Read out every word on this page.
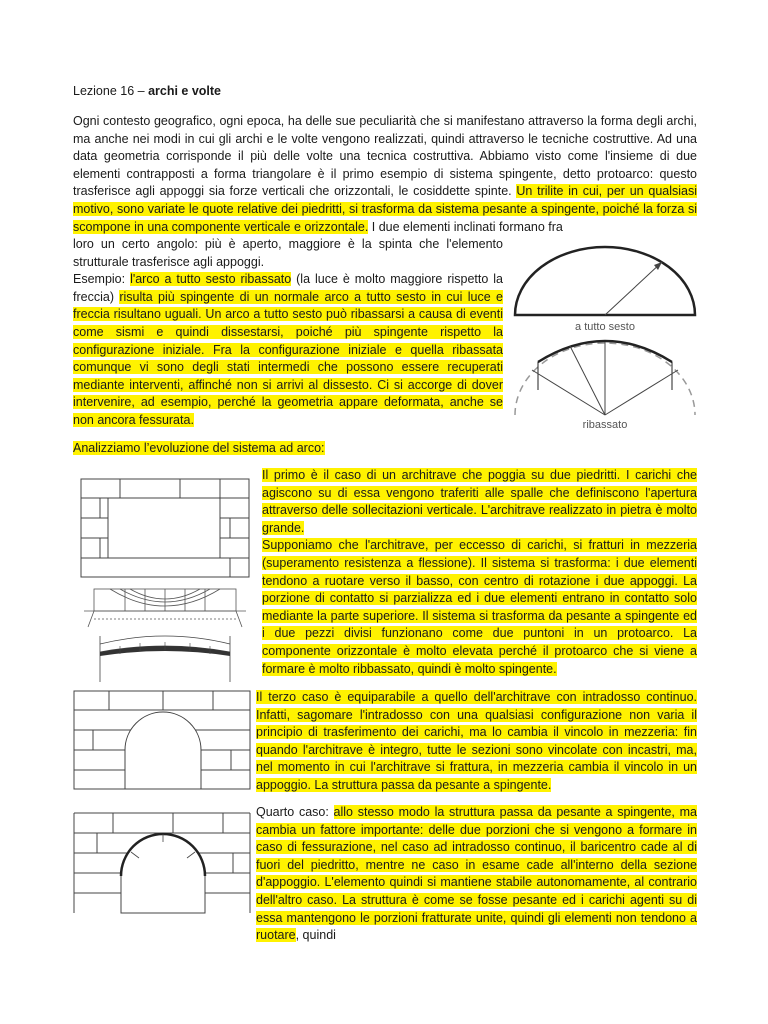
Lezione 16 – archi e volte

Ogni contesto geografico, ogni epoca, ha delle sue peculiarità che si manifestano attraverso la forma degli archi, ma anche nei modi in cui gli archi e le volte vengono realizzati, quindi attraverso le tecniche costruttive. Ad una data geometria corrisponde il più delle volte una tecnica costruttiva. Abbiamo visto come l'insieme di due elementi contrapposti a forma triangolare è il primo esempio di sistema spingente, detto protoarco: questo trasferisce agli appoggi sia forze verticali che orizzontali, le cosiddette spinte. Un trilite in cui, per un qualsiasi motivo, sono variate le quote relative dei piedritti, si trasforma da sistema pesante a spingente, poiché la forza si scompone in una componente verticale e orizzontale. I due elementi inclinati formano fra

loro un certo angolo: più è aperto, maggiore è la spinta che l'elemento strutturale trasferisce agli appoggi.
Esempio: l'arco a tutto sesto ribassato (la luce è molto maggiore rispetto la freccia) risulta più spingente di un normale arco a tutto sesto in cui luce e freccia risultano uguali. Un arco a tutto sesto può ribassarsi a causa di eventi come sismi e quindi dissestarsi, poiché più spingente rispetto la configurazione iniziale. Fra la configurazione iniziale e quella ribassata comunque vi sono degli stati intermedi che possono essere recuperati mediante interventi, affinché non si arrivi al dissesto. Ci si accorge di dover intervenire, ad esempio, perché la geometria appare deformata, anche se non ancora fessurata.

a tutto sesto
ribassato

Analizziamo l’evoluzione del sistema ad arco:

Il primo è il caso di un architrave che poggia su due piedritti. I carichi che agiscono su di essa vengono traferiti alle spalle che definiscono l'apertura attraverso delle sollecitazioni verticale. L'architrave realizzato in pietra è molto grande.
Supponiamo che l'architrave, per eccesso di carichi, si fratturi in mezzeria (superamento resistenza a flessione). Il sistema si trasforma: i due elementi tendono a ruotare verso il basso, con centro di rotazione i due appoggi. La porzione di contatto si parzializza ed i due elementi entrano in contatto solo mediante la parte superiore. Il sistema si trasforma da pesante a spingente ed i due pezzi divisi funzionano come due puntoni in un protoarco. La componente orizzontale è molto elevata perché il protoarco che si viene a formare è molto ribbassato, quindi è molto spingente.

Il terzo caso è equiparabile a quello dell'architrave con intradosso continuo. Infatti, sagomare l'intradosso con una qualsiasi configurazione non varia il principio di trasferimento dei carichi, ma lo cambia il vincolo in mezzeria: fin quando l'architrave è integro, tutte le sezioni sono vincolate con incastri, ma, nel momento in cui l'architrave si frattura, in mezzeria cambia il vincolo in un appoggio. La struttura passa da pesante a spingente.

Quarto caso: allo stesso modo la struttura passa da pesante a spingente, ma cambia un fattore importante: delle due porzioni che si vengono a formare in caso di fessurazione, nel caso ad intradosso continuo, il baricentro cade al di fuori del piedritto, mentre ne caso in esame cade all'interno della sezione d'appoggio. L'elemento quindi si mantiene stabile autonomamente, al contrario dell'altro caso. La struttura è come se fosse pesante ed i carichi agenti su di essa mantengono le porzioni fratturate unite, quindi gli elementi non tendono a ruotare, quindi
